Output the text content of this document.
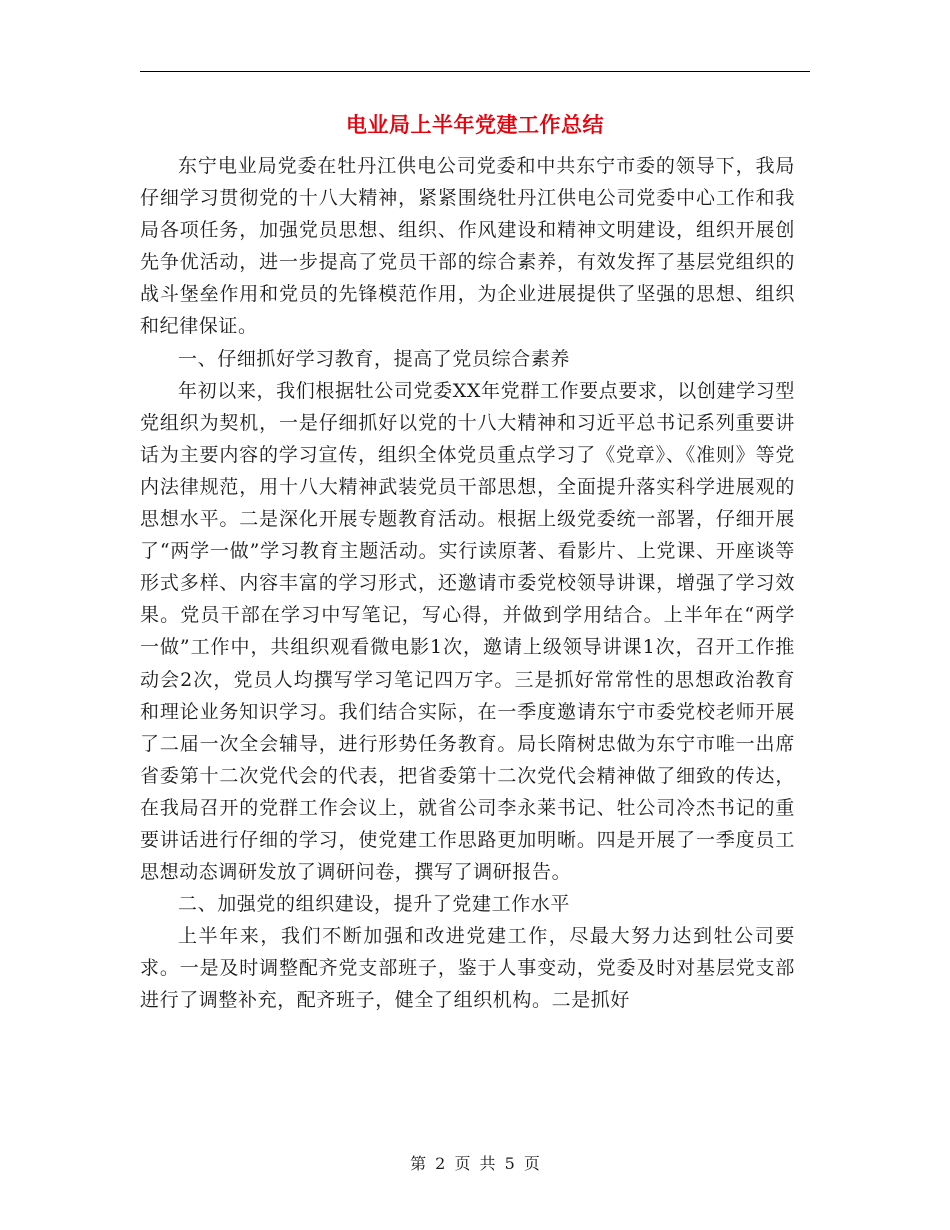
电业局上半年党建工作总结

东宁电业局党委在牡丹江供电公司党委和中共东宁市委的领导下，我局仔细学习贯彻党的十八大精神，紧紧围绕牡丹江供电公司党委中心工作和我局各项任务，加强党员思想、组织、作风建设和精神文明建设，组织开展创先争优活动，进一步提高了党员干部的综合素养，有效发挥了基层党组织的战斗堡垒作用和党员的先锋模范作用，为企业进展提供了坚强的思想、组织和纪律保证。

一、仔细抓好学习教育，提高了党员综合素养

年初以来，我们根据牡公司党委XX年党群工作要点要求，以创建学习型党组织为契机，一是仔细抓好以党的十八大精神和习近平总书记系列重要讲话为主要内容的学习宣传，组织全体党员重点学习了《党章》、《准则》等党内法律规范，用十八大精神武装党员干部思想，全面提升落实科学进展观的思想水平。二是深化开展专题教育活动。根据上级党委统一部署，仔细开展了“两学一做”学习教育主题活动。实行读原著、看影片、上党课、开座谈等形式多样、内容丰富的学习形式，还邀请市委党校领导讲课，增强了学习效果。党员干部在学习中写笔记，写心得，并做到学用结合。上半年在“两学一做”工作中，共组织观看微电影1次，邀请上级领导讲课1次，召开工作推动会2次，党员人均撰写学习笔记四万字。三是抓好常常性的思想政治教育和理论业务知识学习。我们结合实际，在一季度邀请东宁市委党校老师开展了二届一次全会辅导，进行形势任务教育。局长隋树忠做为东宁市唯一出席省委第十二次党代会的代表，把省委第十二次党代会精神做了细致的传达，在我局召开的党群工作会议上，就省公司李永莱书记、牡公司冷杰书记的重要讲话进行仔细的学习，使党建工作思路更加明晰。四是开展了一季度员工思想动态调研发放了调研问卷，撰写了调研报告。

二、加强党的组织建设，提升了党建工作水平

上半年来，我们不断加强和改进党建工作，尽最大努力达到牡公司要求。一是及时调整配齐党支部班子，鉴于人事变动，党委及时对基层党支部进行了调整补充，配齐班子，健全了组织机构。二是抓好

第 2 页 共 5 页
